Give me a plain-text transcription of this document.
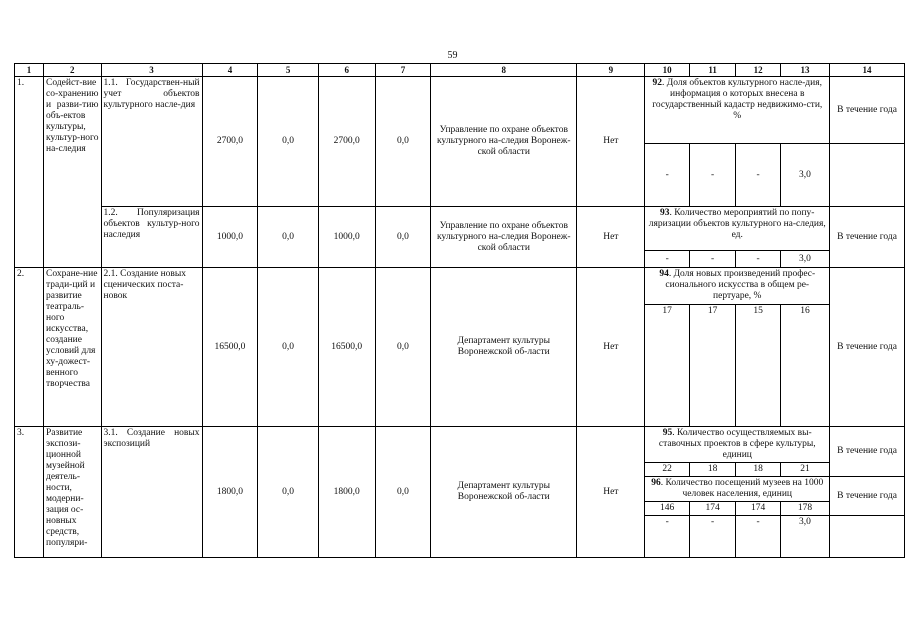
59
1	2	3	4	5	6	7	8	9	10	11	12	13	14
1.	Содейст-вие со-хранению и разви-тию объ-ектов культуры, культур-ного на-следия	1.1. Государствен-ный учет объектов культурного насле-дия	2700,0	0,0	2700,0	0,0	Управление по охране объектов культурного на-следия Воронеж-ской области	Нет	92. Доля объектов культурного насле-дия, информация о которых внесена в государственный кадастр недвижимо-сти, %				В течение года
									-	-	-	3,0	
		1.2. Популяризация объектов культур-ного наследия	1000,0	0,0	1000,0	0,0	Управление по охране объектов культурного на-следия Воронеж-ской области	Нет	93. Количество мероприятий по попу-ляризации объектов культурного на-следия, ед.				В течение года
									-	-	-	3,0	
2.	Сохране-ние тради-ций и развитие театраль-ного искусства, создание условий для ху-дожест-венного творчества	2.1. Создание новых сценических поста-новок	16500,0	0,0	16500,0	0,0	Департамент культуры Воронежской об-ласти	Нет	94. Доля новых произведений профес-сионального искусства в общем ре-пертуаре, %				В течение года
									17	17	15	16	
3.	Развитие экспози-ционной музейной деятель-ности, модерни-зация ос-новных средств, популяри-	3.1. Создание новых экспозиций	1800,0	0,0	1800,0	0,0	Департамент культуры Воронежской об-ласти	Нет	95. Количество осуществляемых вы-ставочных проектов в сфере культуры, единиц				В течение года
									22	18	18	21	
									96. Количество посещений музеев на 1000 человек населения, единиц				В течение года
									146	174	174	178	
									-	-	-	3,0	
